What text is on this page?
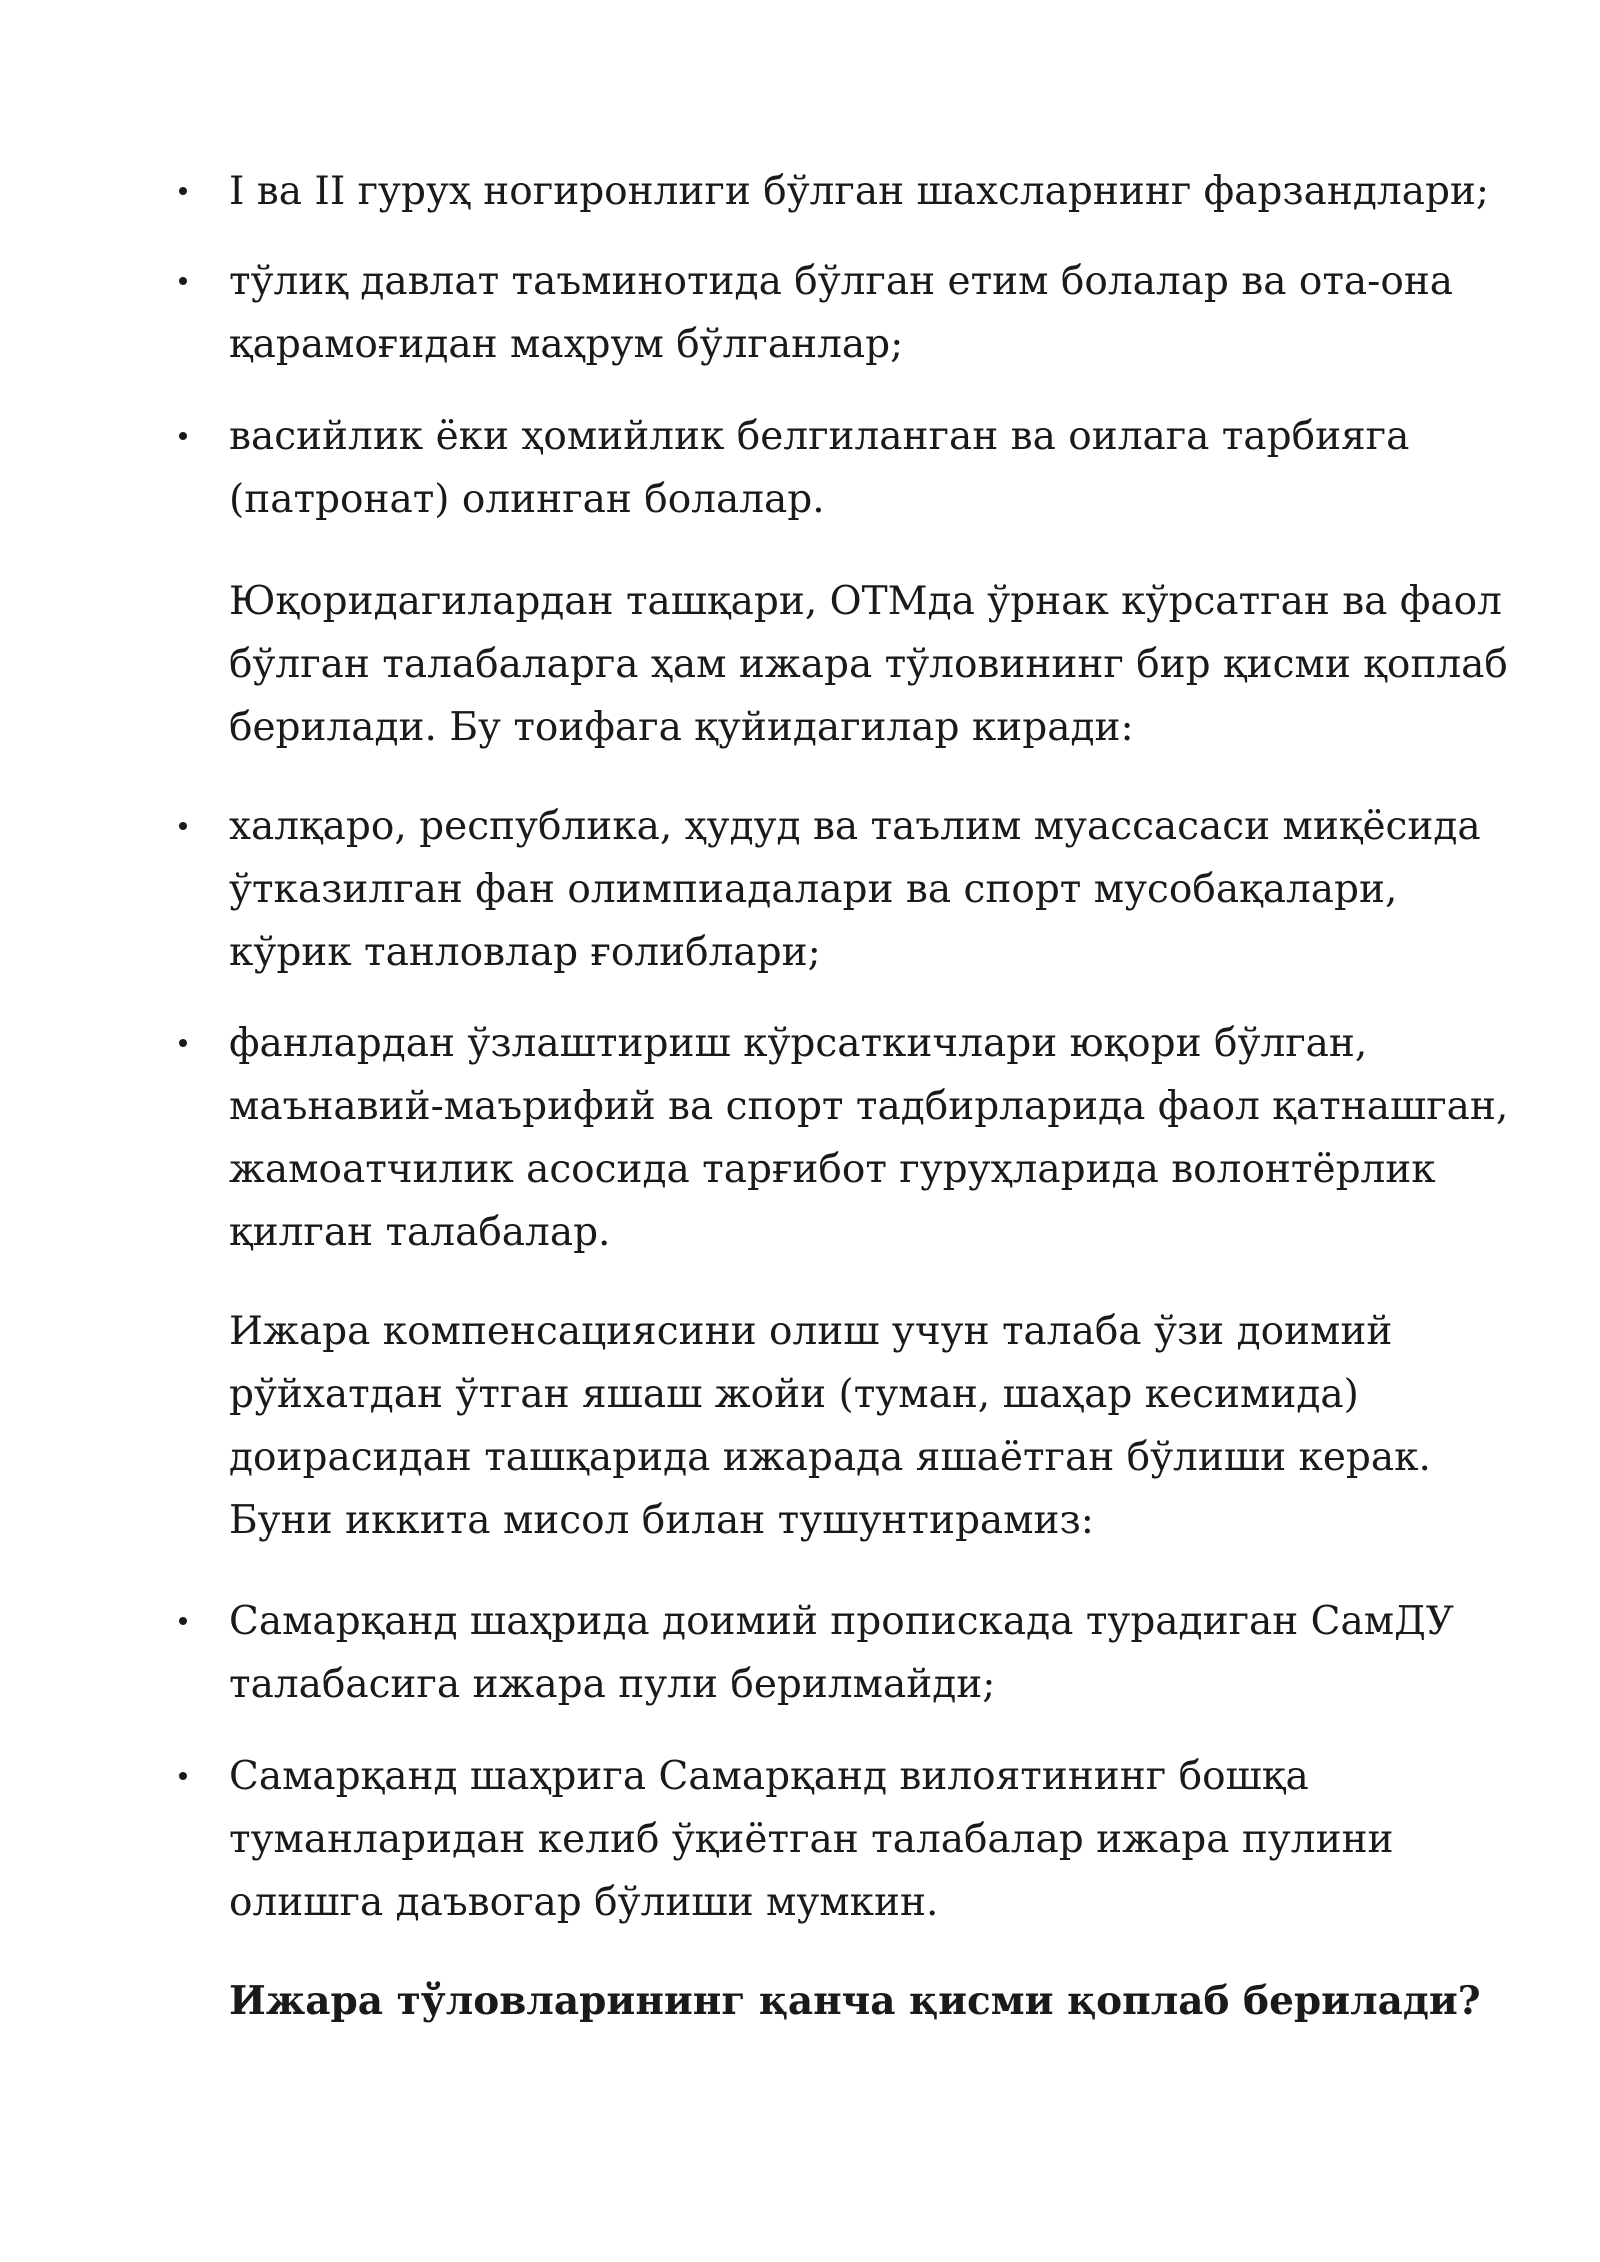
I ва II гуруҳ ногиронлиги бўлган шахсларнинг фарзандлари;

тўлиқ давлат таъминотида бўлган етим болалар ва ота-она қарамоғидан маҳрум бўлганлар;

васийлик ёки ҳомийлик белгиланган ва оилага тарбияга (патронат) олинган болалар.

Юқоридагилардан ташқари, ОТМда ўрнак кўрсатган ва фаол бўлган талабаларга ҳам ижара тўловининг бир қисми қоплаб берилади. Бу тоифага қуйидагилар киради:

халқаро, республика, ҳудуд ва таълим муассасаси миқёсида ўтказилган фан олимпиадалари ва спорт мусобақалари, кўрик танловлар ғолиблари;

фанлардан ўзлаштириш кўрсаткичлари юқори бўлган, маънавий-маърифий ва спорт тадбирларида фаол қатнашган, жамоатчилик асосида тарғибот гуруҳларида волонтёрлик қилган талабалар.

Ижара компенсациясини олиш учун талаба ўзи доимий рўйхатдан ўтган яшаш жойи (туман, шаҳар кесимида) доирасидан ташқарида ижарада яшаётган бўлиши керак. Буни иккита мисол билан тушунтирамиз:

Самарқанд шаҳрида доимий пропискада турадиган СамДУ талабасига ижара пули берилмайди;

Самарқанд шаҳрига Самарқанд вилоятининг бошқа туманларидан келиб ўқиётган талабалар ижара пулини олишга даъвогар бўлиши мумкин.

Ижара тўловларининг қанча қисми қоплаб берилади?
